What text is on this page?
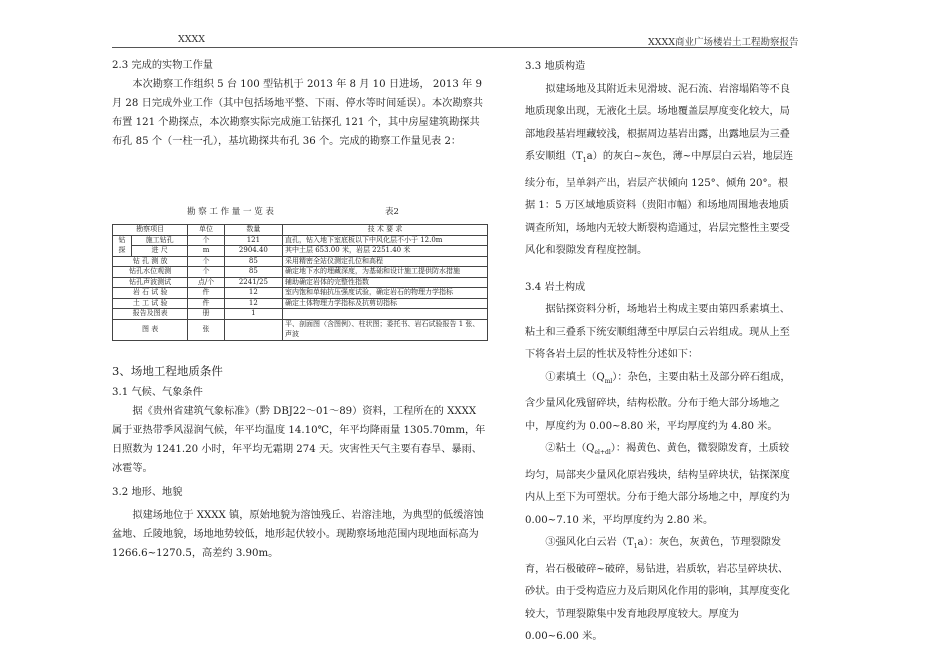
XXXX	XXXX商业广场楼岩土工程勘察报告

2.3 完成的实物工作量

本次勘察工作组织 5 台 100 型钻机于 2013 年 8 月 10 日进场， 2013 年 9 月 28 日完成外业工作（其中包括场地平整、下雨、停水等时间延误）。本次勘察共布置 121 个勘探点，本次勘察实际完成施工钻探孔 121 个，其中房屋建筑勘探共布孔 85 个（一柱一孔），基坑勘探共布孔 36 个。完成的勘察工作量见表 2：

勘 察 工 作 量 一 览 表	表2
勘察项目		单位	数量	技 术 要 求
钻 探	施工钻孔	个	121	直孔，钻入地下室底板以下中风化层不小于 12.0m
	进 尺	m	2904.40	其中土层 653.00 米，岩层 2251.40 米
钻 孔 测 放		个	85	采用精密全站仪测定孔位和高程
钻孔水位观测		个	85	确定地下水的埋藏深度，为基础和设计施工提供防水措施
钻孔声波测试		点/个	2241/25	辅助确定岩体的完整性指数
岩 石 试 验		件	12	室内饱和单轴抗压强度试验，确定岩石的物理力学指标
土 工 试 验		件	12	确定土体物理力学指标及抗剪切指标
报告及图表		册	1	
图 表		张		平、剖面图（含图例）、柱状图；委托书、岩石试验报告 1 张、声波

3、场地工程地质条件

3.1 气候、气象条件

据《贵州省建筑气象标准》（黔 DBJ22～01～89）资料，工程所在的 XXXX 属于亚热带季风湿润气候，年平均温度 14.10℃，年平均降雨量 1305.70mm，年日照数为 1241.20 小时，年平均无霜期 274 天。灾害性天气主要有春旱、暴雨、冰雹等。

3.2 地形、地貌

拟建场地位于 XXXX 镇，原始地貌为溶蚀残丘、岩溶洼地，为典型的低缓溶蚀盆地、丘陵地貌，场地地势较低，地形起伏较小。现勘察场地范围内现地面标高为 1266.6~1270.5，高差约 3.90m。

3.3 地质构造

拟建场地及其附近未见滑坡、泥石流、岩溶塌陷等不良地质现象出现，无液化土层。场地覆盖层厚度变化较大，局部地段基岩埋藏较浅，根据周边基岩出露，出露地层为三叠系安顺组$(T_1a)$的灰白~灰色，薄~中厚层白云岩，地层连续分布，呈单斜产出，岩层产状倾向 125°、倾角 20°。根据 1：5 万区域地质资料（贵阳市幅）和场地周围地表地质调查所知，场地内无较大断裂构造通过，岩层完整性主要受风化和裂隙发育程度控制。

3.4 岩土构成

据钻探资料分析，场地岩土构成主要由第四系素填土、粘土和三叠系下统安顺组薄至中厚层白云岩组成。现从上至下将各岩土层的性状及特性分述如下：

①素填土$(Q_{ml})$：杂色，主要由粘土及部分碎石组成，含少量风化残留碎块，结构松散。分布于绝大部分场地之中，厚度约为 0.00~8.80 米，平均厚度约为 4.80 米。

②粘土$(Q_{el+dl})$：褐黄色、黄色，微裂隙发育，土质较均匀，局部夹少量风化原岩残块，结构呈碎块状，钻探深度内从上至下为可塑状。分布于绝大部分场地之中，厚度约为 0.00~7.10 米，平均厚度约为 2.80 米。

③强风化白云岩$(T_1a)$：灰色，灰黄色，节理裂隙发育，岩石极破碎~破碎，易钻进，岩质软，岩芯呈碎块状、砂状。由于受构造应力及后期风化作用的影响，其厚度变化较大，节理裂隙集中发育地段厚度较大。厚度为 0.00~6.00 米。
